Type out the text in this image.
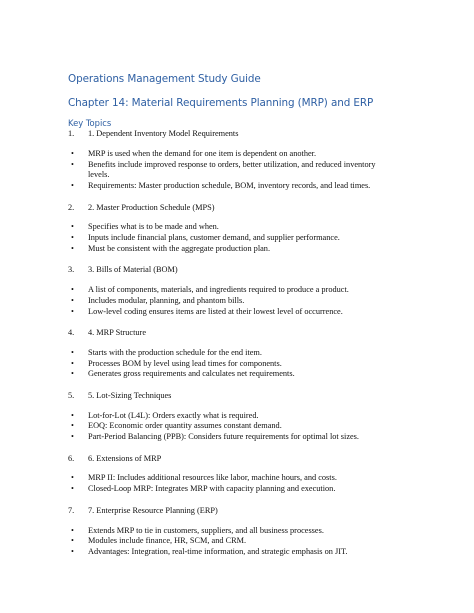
Operations Management Study Guide
Chapter 14: Material Requirements Planning (MRP) and ERP
Key Topics
1. 1. Dependent Inventory Model Requirements
• MRP is used when the demand for one item is dependent on another.
• Benefits include improved response to orders, better utilization, and reduced inventory levels.
• Requirements: Master production schedule, BOM, inventory records, and lead times.
2. 2. Master Production Schedule (MPS)
• Specifies what is to be made and when.
• Inputs include financial plans, customer demand, and supplier performance.
• Must be consistent with the aggregate production plan.
3. 3. Bills of Material (BOM)
• A list of components, materials, and ingredients required to produce a product.
• Includes modular, planning, and phantom bills.
• Low-level coding ensures items are listed at their lowest level of occurrence.
4. 4. MRP Structure
• Starts with the production schedule for the end item.
• Processes BOM by level using lead times for components.
• Generates gross requirements and calculates net requirements.
5. 5. Lot-Sizing Techniques
• Lot-for-Lot (L4L): Orders exactly what is required.
• EOQ: Economic order quantity assumes constant demand.
• Part-Period Balancing (PPB): Considers future requirements for optimal lot sizes.
6. 6. Extensions of MRP
• MRP II: Includes additional resources like labor, machine hours, and costs.
• Closed-Loop MRP: Integrates MRP with capacity planning and execution.
7. 7. Enterprise Resource Planning (ERP)
• Extends MRP to tie in customers, suppliers, and all business processes.
• Modules include finance, HR, SCM, and CRM.
• Advantages: Integration, real-time information, and strategic emphasis on JIT.
